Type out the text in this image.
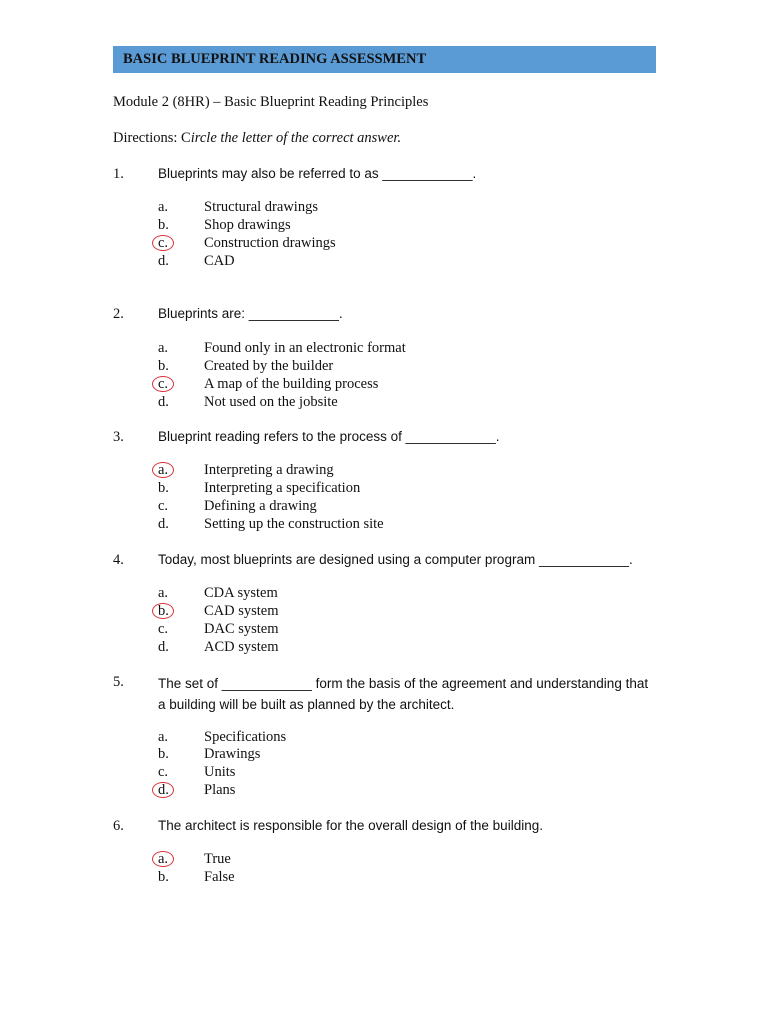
BASIC BLUEPRINT READING ASSESSMENT
Module 2 (8HR) – Basic Blueprint Reading Principles
Directions: Circle the letter of the correct answer.
1.	Blueprints may also be referred to as ____________.
a. Structural drawings
b. Shop drawings
c. Construction drawings
d. CAD
2.	Blueprints are: ____________.
a. Found only in an electronic format
b. Created by the builder
c. A map of the building process
d. Not used on the jobsite
3.	Blueprint reading refers to the process of ____________.
a. Interpreting a drawing
b. Interpreting a specification
c. Defining a drawing
d. Setting up the construction site
4.	Today, most blueprints are designed using a computer program ____________.
a. CDA system
b. CAD system
c. DAC system
d. ACD system
5.	The set of ____________ form the basis of the agreement and understanding that a building will be built as planned by the architect.
a. Specifications
b. Drawings
c. Units
d. Plans
6.	The architect is responsible for the overall design of the building.
a. True
b. False
